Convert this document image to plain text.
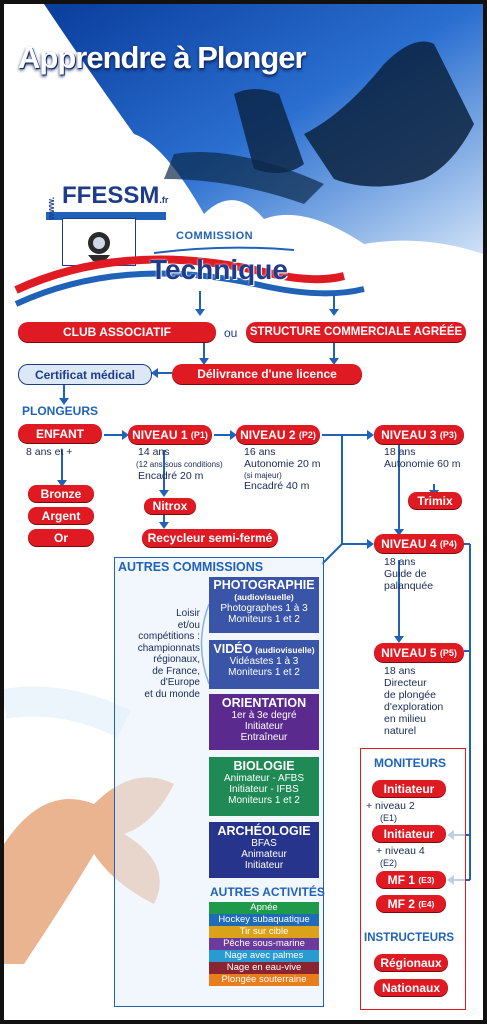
Apprendre à Plonger
FFESSM.fr
www.
COMMISSION
Technique
CLUB ASSOCIATIF	ou	STRUCTURE COMMERCIALE AGRÉÉE
Délivrance d'une licence
Certificat médical
PLONGEURS
ENFANT
8 ans et +
Bronze
Argent
Or
NIVEAU 1
(P1)
14 ans
(12 ans sous conditions)
Encadré 20 m
NIVEAU 2
(P2)
16 ans
Autonomie 20 m
(si majeur)
Encadré 40 m
NIVEAU 3
(P3)
18 ans
Autonomie 60 m
Trimix
Nitrox
Recycleur semi-fermé	NIVEAU 4
(P4)
18 ans
Guide de
palanquée
NIVEAU 5
(P5)
18 ans
Directeur
de plongée
d'exploration
en milieu
naturel
AUTRES COMMISSIONS
Loisir
et/ou
compétitions :
championnats
régionaux,
de France,
d'Europe
et du monde
PHOTOGRAPHIE
(audiovisuelle)
Photographes 1 à 3
Moniteurs 1 et 2
VIDÉO (audiovisuelle)
Vidéastes 1 à 3
Moniteurs 1 et 2
ORIENTATION
1er à 3e degré
Initiateur
Entraîneur
BIOLOGIE
Animateur - AFBS
Initiateur - IFBS
Moniteurs 1 et 2
ARCHÉOLOGIE
BFAS
Animateur
Initiateur
AUTRES ACTIVITÉS
Apnée
Hockey subaquatique
Tir sur cible
Pêche sous-marine
Nage avec palmes
Nage en eau-vive
Plongée souterraine
MONITEURS
Initiateur
+ niveau 2
(E1)
Initiateur
+ niveau 4
(E2)
MF 1
(E3)
MF 2
(E4)
INSTRUCTEURS
Régionaux
Nationaux
